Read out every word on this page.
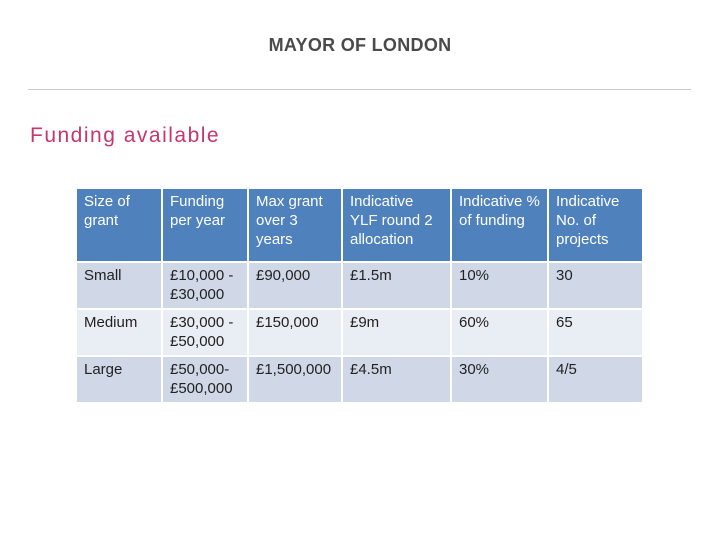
MAYOR OF LONDON
Funding available
Size of grant	Funding per year	Max grant over 3 years	Indicative YLF round 2 allocation	Indicative % of funding	Indicative No. of projects
Small	£10,000 - £30,000	£90,000	£1.5m	10%	30
Medium	£30,000 - £50,000	£150,000	£9m	60%	65
Large	£50,000- £500,000	£1,500,000	£4.5m	30%	4/5
